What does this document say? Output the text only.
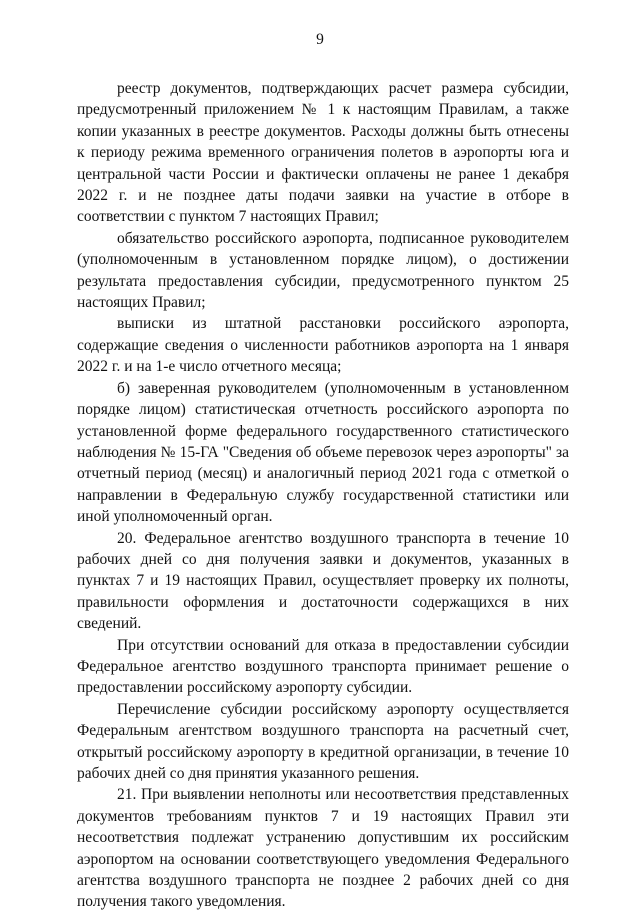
9

реестр документов, подтверждающих расчет размера субсидии, предусмотренный приложением № 1 к настоящим Правилам, а также копии указанных в реестре документов. Расходы должны быть отнесены к периоду режима временного ограничения полетов в аэропорты юга и центральной части России и фактически оплачены не ранее 1 декабря 2022 г. и не позднее даты подачи заявки на участие в отборе в соответствии с пунктом 7 настоящих Правил;

обязательство российского аэропорта, подписанное руководителем (уполномоченным в установленном порядке лицом), о достижении результата предоставления субсидии, предусмотренного пунктом 25 настоящих Правил;

выписки из штатной расстановки российского аэропорта, содержащие сведения о численности работников аэропорта на 1 января 2022 г. и на 1-е число отчетного месяца;

б) заверенная руководителем (уполномоченным в установленном порядке лицом) статистическая отчетность российского аэропорта по установленной форме федерального государственного статистического наблюдения № 15-ГА "Сведения об объеме перевозок через аэропорты" за отчетный период (месяц) и аналогичный период 2021 года с отметкой о направлении в Федеральную службу государственной статистики или иной уполномоченный орган.

20. Федеральное агентство воздушного транспорта в течение 10 рабочих дней со дня получения заявки и документов, указанных в пунктах 7 и 19 настоящих Правил, осуществляет проверку их полноты, правильности оформления и достаточности содержащихся в них сведений.

При отсутствии оснований для отказа в предоставлении субсидии Федеральное агентство воздушного транспорта принимает решение о предоставлении российскому аэропорту субсидии.

Перечисление субсидии российскому аэропорту осуществляется Федеральным агентством воздушного транспорта на расчетный счет, открытый российскому аэропорту в кредитной организации, в течение 10 рабочих дней со дня принятия указанного решения.

21. При выявлении неполноты или несоответствия представленных документов требованиям пунктов 7 и 19 настоящих Правил эти несоответствия подлежат устранению допустившим их российским аэропортом на основании соответствующего уведомления Федерального агентства воздушного транспорта не позднее 2 рабочих дней со дня получения такого уведомления.
